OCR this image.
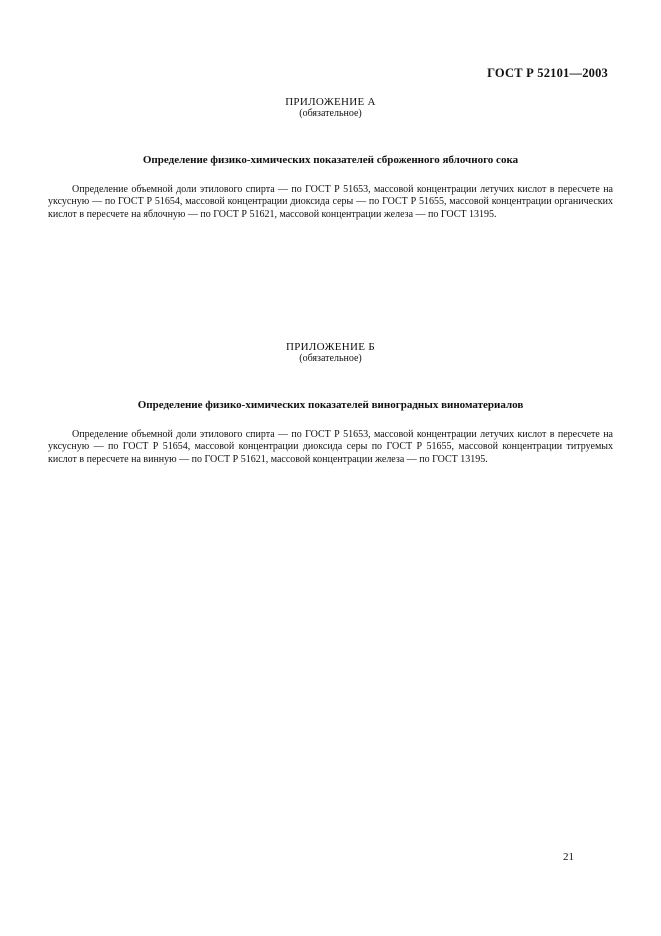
ГОСТ Р 52101—2003
ПРИЛОЖЕНИЕ А
(обязательное)
Определение физико-химических показателей сброженного яблочного сока

Определение объемной доли этилового спирта — по ГОСТ Р 51653, массовой концентрации летучих кислот в пересчете на уксусную — по ГОСТ Р 51654, массовой концентрации диоксида серы — по ГОСТ Р 51655, массовой концентрации органических кислот в пересчете на яблочную — по ГОСТ Р 51621, массовой концентрации железа — по ГОСТ 13195.

ПРИЛОЖЕНИЕ Б
(обязательное)
Определение физико-химических показателей виноградных виноматериалов

Определение объемной доли этилового спирта — по ГОСТ Р 51653, массовой концентрации летучих кислот в пересчете на уксусную — по ГОСТ Р 51654, массовой концентрации диоксида серы по ГОСТ Р 51655, массовой концентрации титруемых кислот в пересчете на винную — по ГОСТ Р 51621, массовой концентрации железа — по ГОСТ 13195.

21
